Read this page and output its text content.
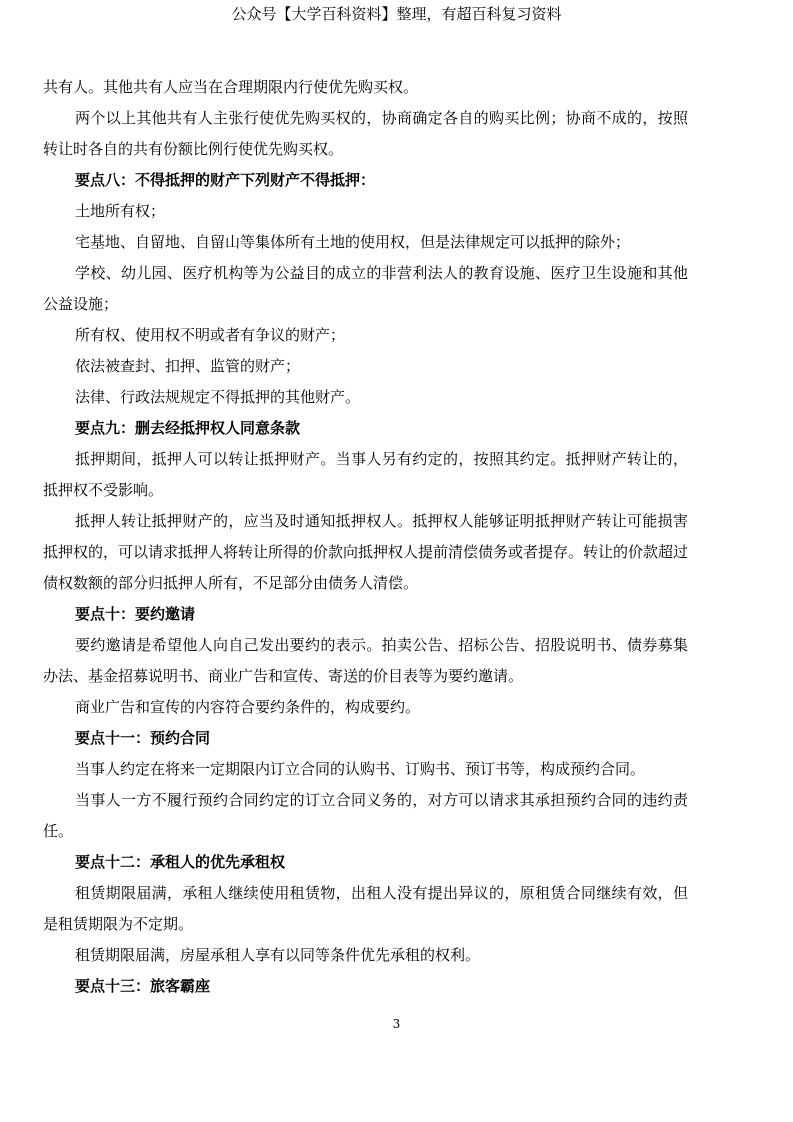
公众号【大学百科资料】整理，有超百科复习资料

共有人。其他共有人应当在合理期限内行使优先购买权。

两个以上其他共有人主张行使优先购买权的，协商确定各自的购买比例；协商不成的，按照转让时各自的共有份额比例行使优先购买权。

要点八：不得抵押的财产下列财产不得抵押：

土地所有权；

宅基地、自留地、自留山等集体所有土地的使用权，但是法律规定可以抵押的除外；

学校、幼儿园、医疗机构等为公益目的成立的非营利法人的教育设施、医疗卫生设施和其他公益设施；

所有权、使用权不明或者有争议的财产；

依法被查封、扣押、监管的财产；

法律、行政法规规定不得抵押的其他财产。

要点九：删去经抵押权人同意条款

抵押期间，抵押人可以转让抵押财产。当事人另有约定的，按照其约定。抵押财产转让的，抵押权不受影响。

抵押人转让抵押财产的，应当及时通知抵押权人。抵押权人能够证明抵押财产转让可能损害抵押权的，可以请求抵押人将转让所得的价款向抵押权人提前清偿债务或者提存。转让的价款超过债权数额的部分归抵押人所有，不足部分由债务人清偿。

要点十：要约邀请

要约邀请是希望他人向自己发出要约的表示。拍卖公告、招标公告、招股说明书、债券募集办法、基金招募说明书、商业广告和宣传、寄送的价目表等为要约邀请。

商业广告和宣传的内容符合要约条件的，构成要约。

要点十一：预约合同

当事人约定在将来一定期限内订立合同的认购书、订购书、预订书等，构成预约合同。

当事人一方不履行预约合同约定的订立合同义务的，对方可以请求其承担预约合同的违约责任。

要点十二：承租人的优先承租权

租赁期限届满，承租人继续使用租赁物，出租人没有提出异议的，原租赁合同继续有效，但是租赁期限为不定期。

租赁期限届满，房屋承租人享有以同等条件优先承租的权利。

要点十三：旅客霸座

3
